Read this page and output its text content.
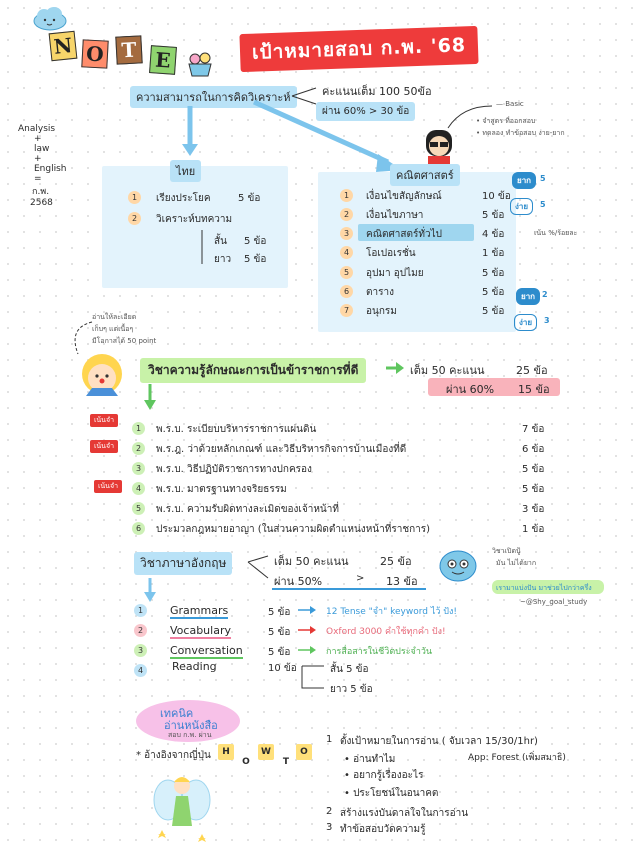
N O T E	เป้าหมายสอบ ก.พ. '68
Analysis
+
law
+
English
=
ก.พ.
2568
ความสามารถในการคิดวิเคราะห์	คะแนนเต็ม 100 50ข้อ
ผ่าน 60% > 30 ข้อ
— Basic
• จำสูตร ที่ออกสอบ
• ทดลอง ทำข้อสอบ ง่าย-ยาก
ไทย
1	เรียงประโยค	5 ข้อ
2	วิเคราะห์บทความ
สั้น 5 ข้อ
ยาว 5 ข้อ
คณิตศาสตร์
1	เงื่อนไขสัญลักษณ์	10 ข้อ
2	เงื่อนไขภาษา	5 ข้อ
3	คณิตศาสตร์ทั่วไป	4 ข้อ
4	โอเปอเรชั่น	1 ข้อ
5	อุปมา อุปไมย	5 ข้อ
6	ตาราง	5 ข้อ
7	อนุกรม	5 ข้อ
ยาก	5
ง่าย	5
เน้น %/ร้อยละ
ยาก 2
ง่าย	3
อ่านให้ละเอียด
เก็บๆ แต่เนื้อๆ
มีโอกาสได้ 50 point
วิชาความรู้ลักษณะการเป็นข้าราชการที่ดี	เต็ม 50 คะแนน	25 ข้อ
ผ่าน 60% 15 ข้อ
เน้นจำ
เน้นจำ
เน้นจำ
1	พ.ร.บ. ระเบียบบริหารราชการแผ่นดิน	7 ข้อ
2	พ.ร.ฎ. ว่าด้วยหลักเกณฑ์ และวิธีบริหารกิจการบ้านเมืองที่ดี	6 ข้อ
3	พ.ร.บ. วิธีปฏิบัติราชการทางปกครอง	5 ข้อ
4	พ.ร.บ. มาตรฐานทางจริยธรรม	5 ข้อ
5	พ.ร.บ. ความรับผิดทางละเมิดของเจ้าหน้าที่	3 ข้อ
6	ประมวลกฎหมายอาญา (ในส่วนความผิดตำแหน่งหน้าที่ราชการ)	1 ข้อ
วิชาภาษาอังกฤษ	เต็ม 50 คะแนน	25 ข้อ
ผ่าน 50%	> 13 ข้อ
วิชาเปิดปู้
มัน ไม่ได้ยาก
เรามาแบ่งปัน มาช่วยไปกว่าครึ่ง
~@Shy_goal_study
1	Grammars	5 ข้อ	12 Tense "จำ" keyword ไว้ ปัง!
2	Vocabulary	5 ข้อ	Oxford 3000 คำใช้ทุกคำ ปัง!
3	Conversation	5 ข้อ	การสื่อสารในชีวิตประจำวัน
4	Reading	10 ข้อ	สั้น 5 ข้อ
ยาว 5 ข้อ
เทคนิค
อ่านหนังสือ
สอบ ก.พ. ผ่าน
* อ้างอิงจากญี่ปุ่น	H
O
W
T
O
1 ตั้งเป้าหมายในการอ่าน ( จับเวลา 15/30/1hr)
• อ่านทำไม	App: Forest (เพิ่มสมาธิ)
• อยากรู้เรื่องอะไร
• ประโยชน์ในอนาคต
2 สร้างแรงบันดาลใจในการอ่าน
3 ทำข้อสอบวัดความรู้
